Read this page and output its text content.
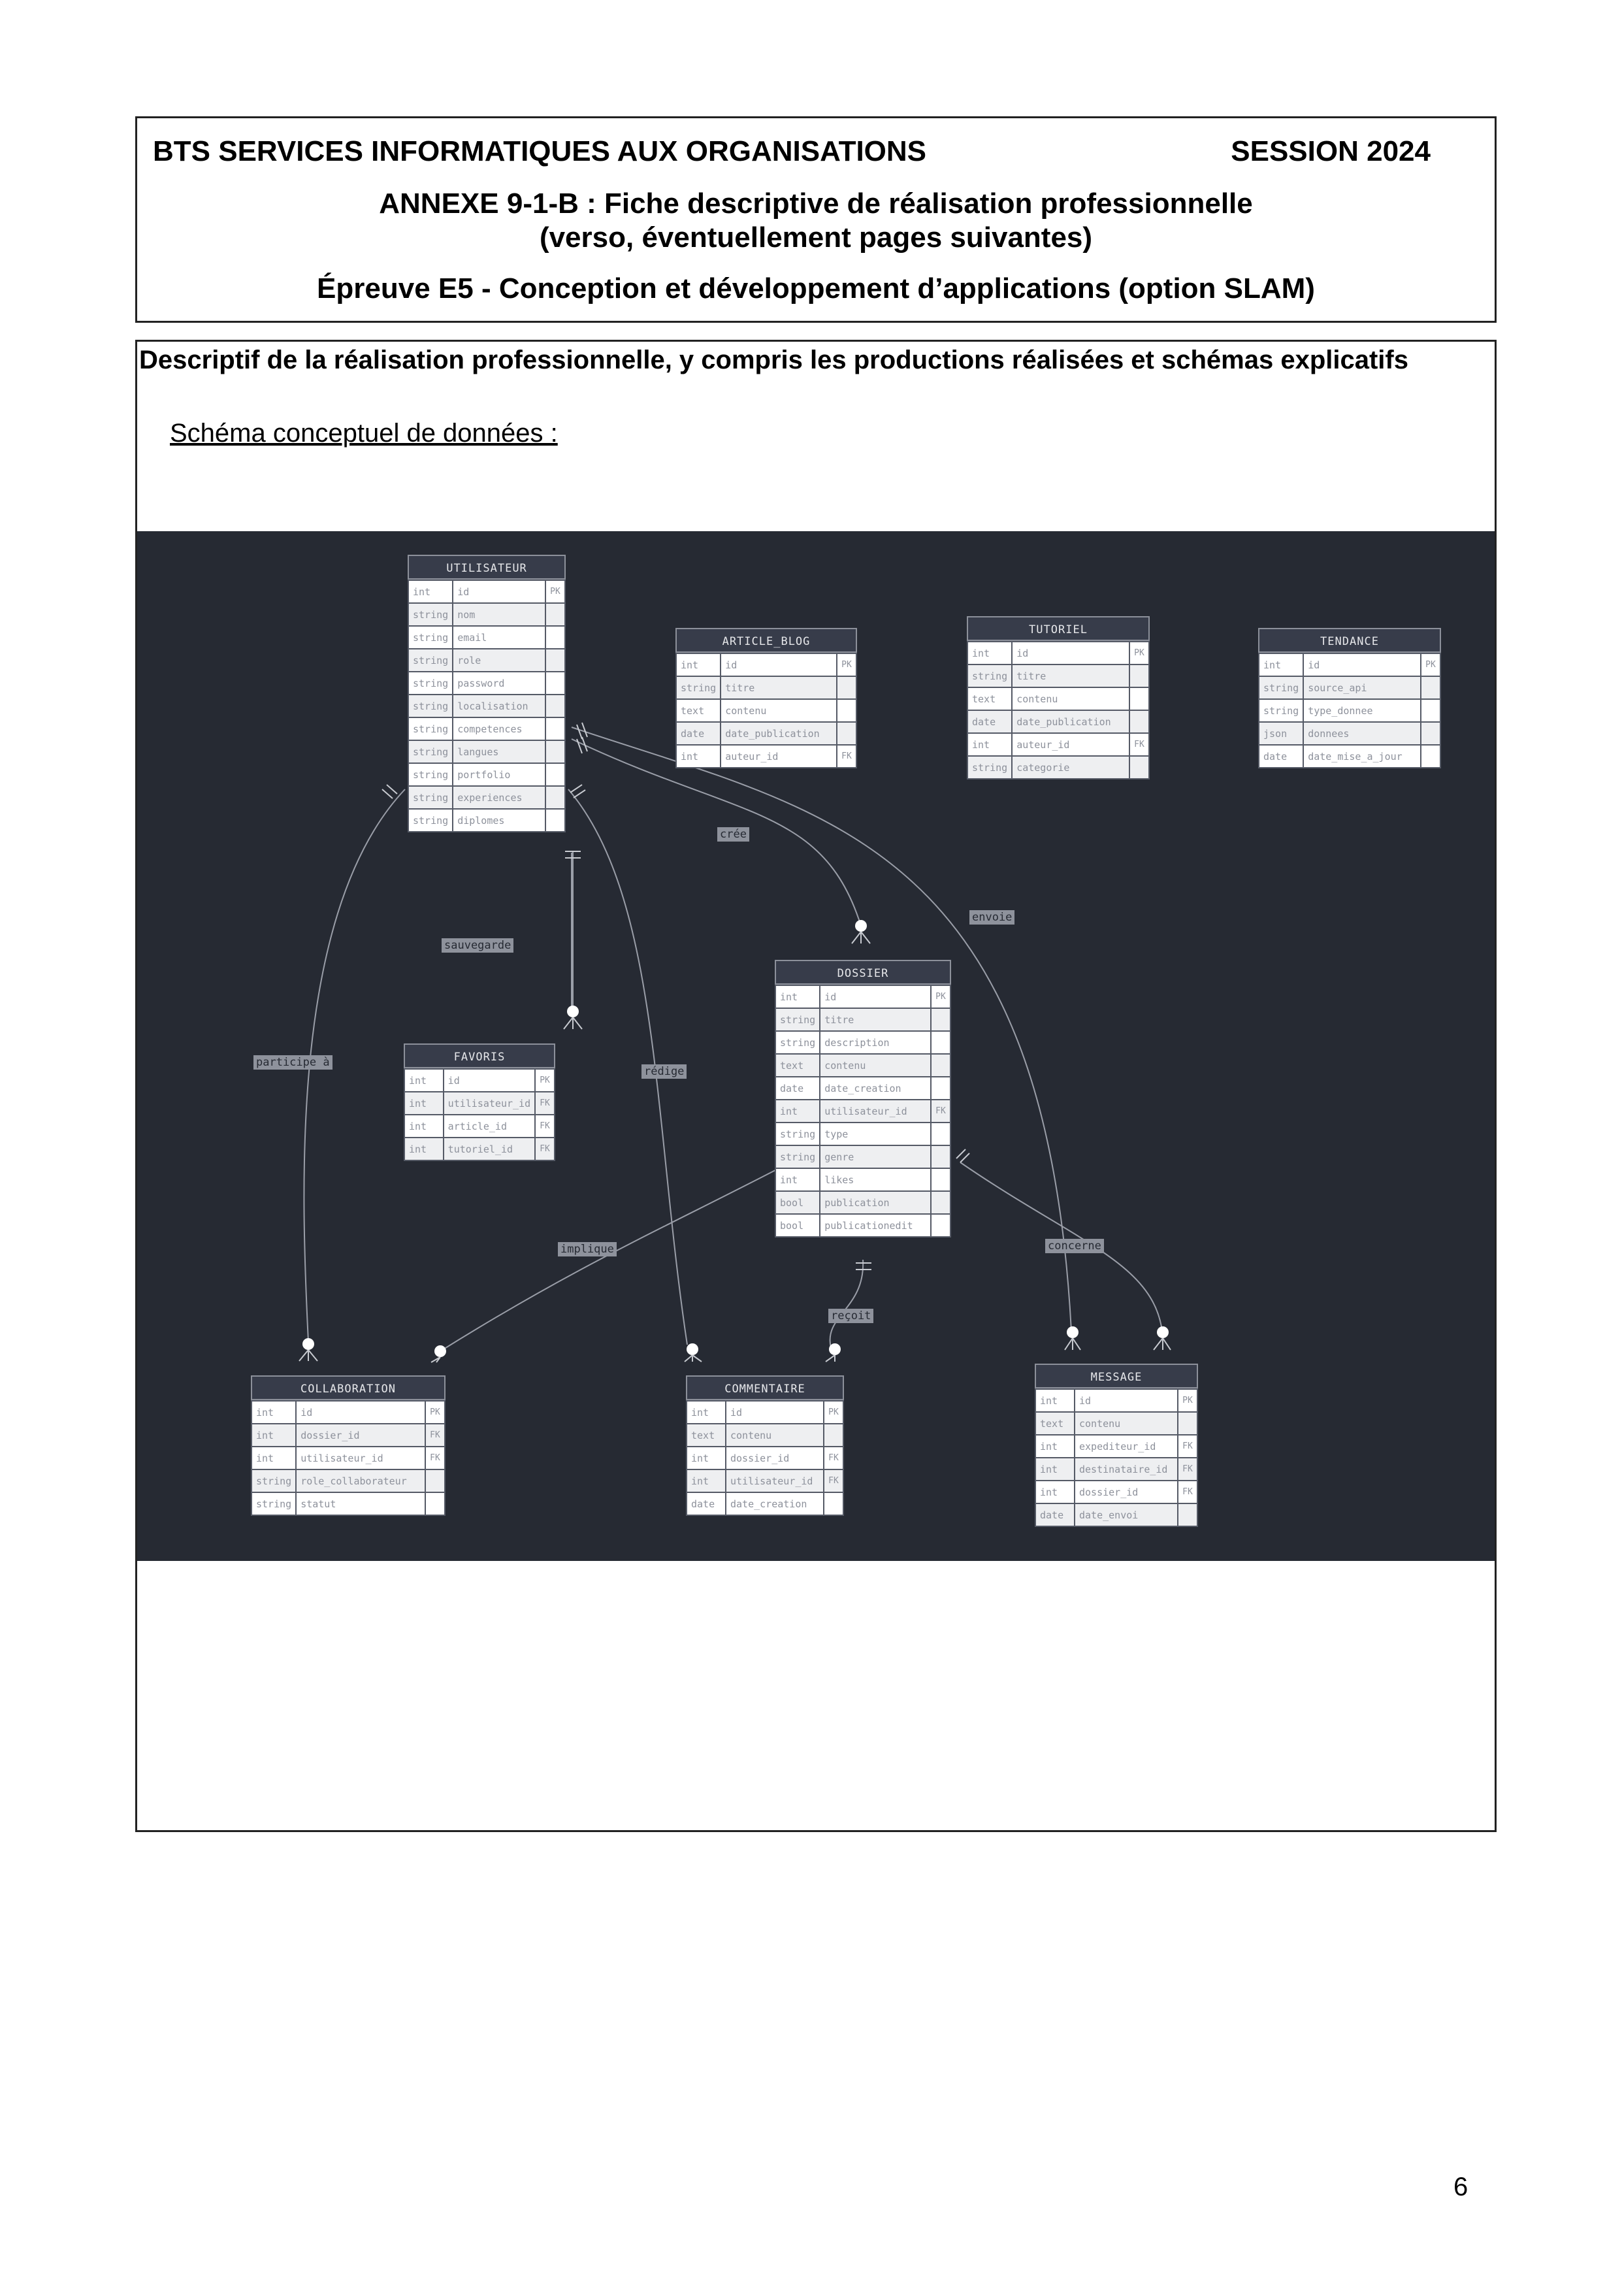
BTS SERVICES INFORMATIQUES AUX ORGANISATIONS	SESSION 2024
ANNEXE 9-1-B : Fiche descriptive de réalisation professionnelle
(verso, éventuellement pages suivantes)
Épreuve E5 - Conception et développement d’applications (option SLAM)
Descriptif de la réalisation professionnelle, y compris les productions réalisées et schémas explicatifs
Schéma conceptuel de données :
crée
envoie
sauvegarde
participe à
rédige
implique	concerne
reçoit
UTILISATEUR
int	id	PK
string	nom	
string	email	
string	role	
string	password	
string	localisation	
string	competences	
string	langues	
string	portfolio	
string	experiences	
string	diplomes	
ARTICLE_BLOG
int	id	PK
string	titre	
text	contenu	
date	date_publication	
int	auteur_id	FK
TUTORIEL
int	id	PK
string	titre	
text	contenu	
date	date_publication	
int	auteur_id	FK
string	categorie	
TENDANCE
int	id	PK
string	source_api	
string	type_donnee	
json	donnees	
date	date_mise_a_jour	
FAVORIS
int	id	PK
int	utilisateur_id	FK
int	article_id	FK
int	tutoriel_id	FK
DOSSIER
int	id	PK
string	titre	
string	description	
text	contenu	
date	date_creation	
int	utilisateur_id	FK
string	type	
string	genre	
int	likes	
bool	publication	
bool	publicationedit	
COLLABORATION
int	id	PK
int	dossier_id	FK
int	utilisateur_id	FK
string	role_collaborateur	
string	statut	
COMMENTAIRE
int	id	PK
text	contenu	
int	dossier_id	FK
int	utilisateur_id	FK
date	date_creation	
MESSAGE
int	id	PK
text	contenu	
int	expediteur_id	FK
int	destinataire_id	FK
int	dossier_id	FK
date	date_envoi	
6
